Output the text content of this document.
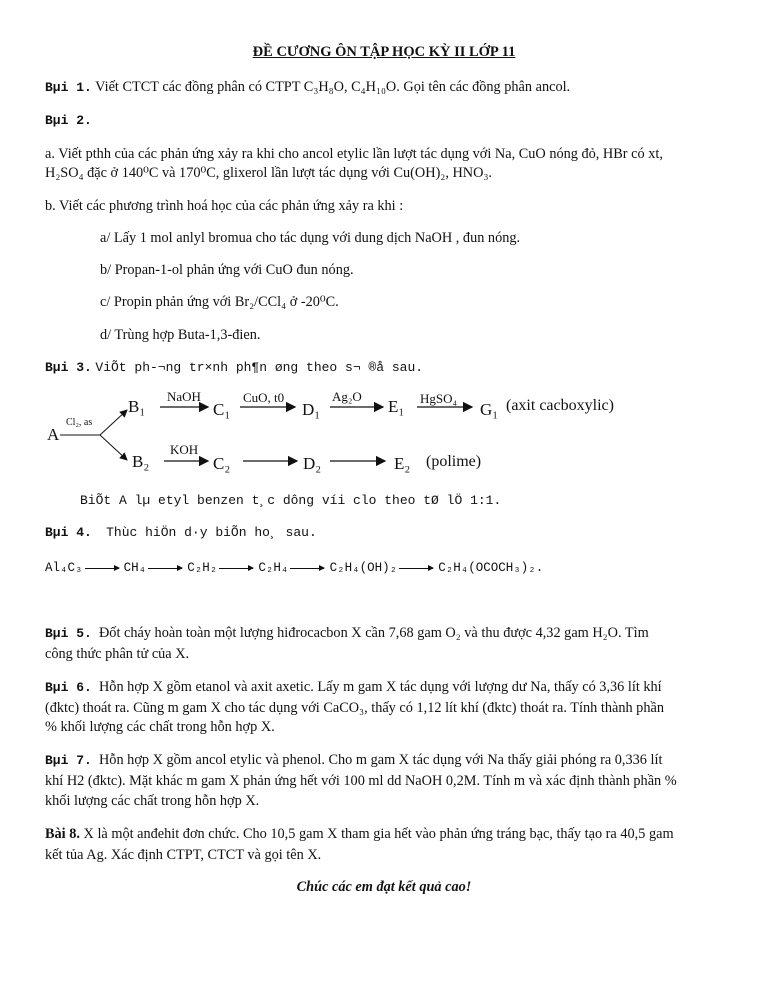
ĐỀ CƯƠNG ÔN TẬP HỌC KỲ II LỚP 11
Bµi 1. Viết CTCT các đồng phân có CTPT C₃H₈O, C₄H₁₀O. Gọi tên các đồng phân ancol.
Bµi 2.
a. Viết pthh của các phản ứng xảy ra khi cho ancol etylic lần lượt tác dụng với Na, CuO nóng đỏ, HBr có xt,
H₂SO₄ đặc ở 140⁰C và 170⁰C, glixerol lần lượt tác dụng với Cu(OH)₂, HNO₃.
b. Viết các phương trình hoá học của các phản ứng xảy ra khi :
a/ Lấy 1 mol anlyl bromua cho tác dụng với dung dịch NaOH , đun nóng.
b/ Propan-1-ol phản ứng với CuO đun nóng.
c/ Propin phản ứng với Br₂/CCl₄ ở -20⁰C.
d/ Trùng hợp Buta-1,3-đien.
Bµi 3. ViÕt ph-¬ng tr×nh ph¶n øng theo s¬ ®å sau.
A
Cl₂, as
B₁
NaOH
C₁
CuO, t0
D₁
Ag₂O
E₁ HgSO₄
G₁ (axit cacboxylic)
B₂
KOH
C₂	D₂	E₂ (polime)
BiÕt A lµ etyl benzen t¸c dông víi clo theo tØ lÖ 1:1.
Bµi 4. Thùc hiÖn d·y biÕn ho¸ sau.
Al₄C₃	CH₄	C₂H₂	C₂H₄	C₂H₄(OH)₂	C₂H₄(OCOCH₃)₂.
Bµi 5. Đốt cháy hoàn toàn một lượng hiđrocacbon X cần 7,68 gam O₂ và thu được 4,32 gam H₂O. Tìm
công thức phân tử của X.
Bµi 6. Hỗn hợp X gồm etanol và axit axetic. Lấy m gam X tác dụng với lượng dư Na, thấy có 3,36 lít khí
(đktc) thoát ra. Cũng m gam X cho tác dụng với CaCO₃, thấy có 1,12 lít khí (đktc) thoát ra. Tính thành phần
% khối lượng các chất trong hỗn hợp X.
Bµi 7. Hỗn hợp X gồm ancol etylic và phenol. Cho m gam X tác dụng với Na thấy giải phóng ra 0,336 lít
khí H2 (đktc). Mặt khác m gam X phản ứng hết với 100 ml dd NaOH 0,2M. Tính m và xác định thành phần %
khối lượng các chất trong hỗn hợp X.
Bài 8. X là một anđehit đơn chức. Cho 10,5 gam X tham gia hết vào phản ứng tráng bạc, thấy tạo ra 40,5 gam
kết tủa Ag. Xác định CTPT, CTCT và gọi tên X.
Chúc các em đạt kết quả cao!
